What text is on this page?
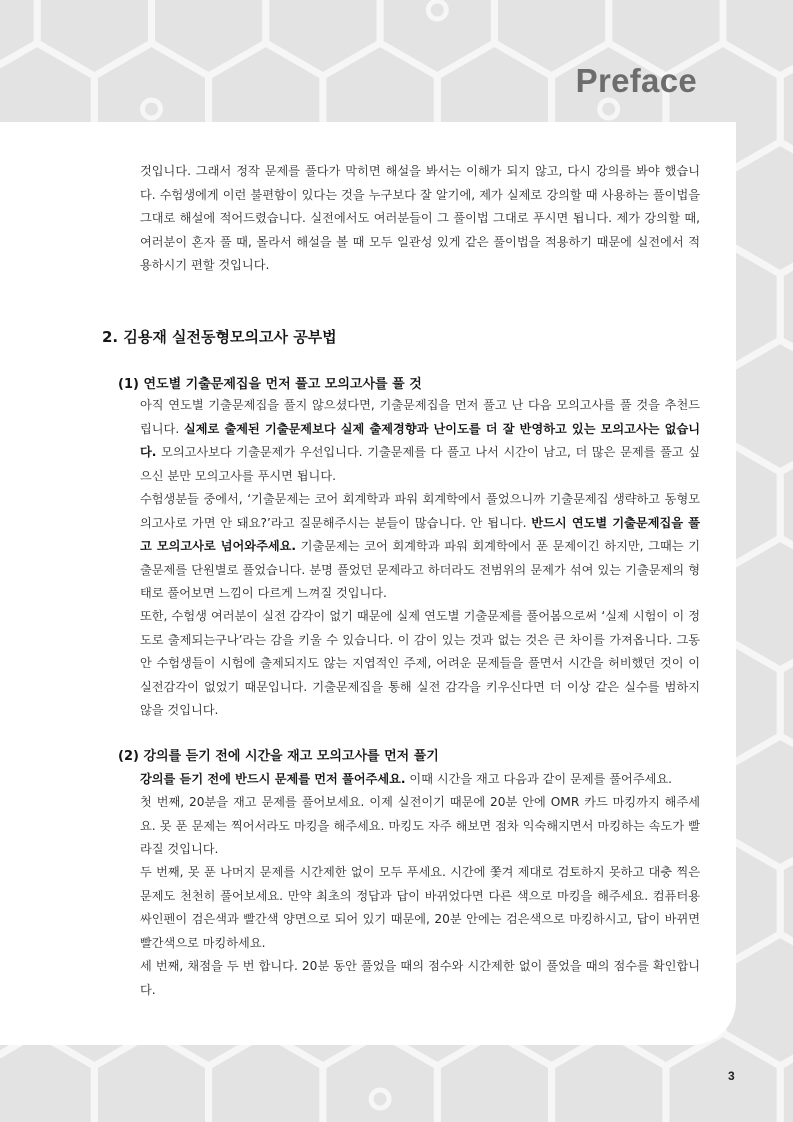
Preface

것입니다. 그래서 정작 문제를 풀다가 막히면 해설을 봐서는 이해가 되지 않고, 다시 강의를 봐야 했습니다. 수험생에게 이런 불편함이 있다는 것을 누구보다 잘 알기에, 제가 실제로 강의할 때 사용하는 풀이법을 그대로 해설에 적어드렸습니다. 실전에서도 여러분들이 그 풀이법 그대로 푸시면 됩니다. 제가 강의할 때, 여러분이 혼자 풀 때, 몰라서 해설을 볼 때 모두 일관성 있게 같은 풀이법을 적용하기 때문에 실전에서 적용하시기 편할 것입니다.

2. 김용재 실전동형모의고사 공부법
(1) 연도별 기출문제집을 먼저 풀고 모의고사를 풀 것

아직 연도별 기출문제집을 풀지 않으셨다면, 기출문제집을 먼저 풀고 난 다음 모의고사를 풀 것을 추천드립니다. 실제로 출제된 기출문제보다 실제 출제경향과 난이도를 더 잘 반영하고 있는 모의고사는 없습니다. 모의고사보다 기출문제가 우선입니다. 기출문제를 다 풀고 나서 시간이 남고, 더 많은 문제를 풀고 싶으신 분만 모의고사를 푸시면 됩니다.

수험생분들 중에서, ‘기출문제는 코어 회계학과 파워 회계학에서 풀었으니까 기출문제집 생략하고 동형모의고사로 가면 안 돼요?’라고 질문해주시는 분들이 많습니다. 안 됩니다. 반드시 연도별 기출문제집을 풀고 모의고사로 넘어와주세요. 기출문제는 코어 회계학과 파워 회계학에서 푼 문제이긴 하지만, 그때는 기출문제를 단원별로 풀었습니다. 분명 풀었던 문제라고 하더라도 전범위의 문제가 섞여 있는 기출문제의 형태로 풀어보면 느낌이 다르게 느껴질 것입니다.

또한, 수험생 여러분이 실전 감각이 없기 때문에 실제 연도별 기출문제를 풀어봄으로써 ‘실제 시험이 이 정도로 출제되는구나’라는 감을 키울 수 있습니다. 이 감이 있는 것과 없는 것은 큰 차이를 가져옵니다. 그동안 수험생들이 시험에 출제되지도 않는 지엽적인 주제, 어려운 문제들을 풀면서 시간을 허비했던 것이 이 실전감각이 없었기 때문입니다. 기출문제집을 통해 실전 감각을 키우신다면 더 이상 같은 실수를 범하지 않을 것입니다.

(2) 강의를 듣기 전에 시간을 재고 모의고사를 먼저 풀기

강의를 듣기 전에 반드시 문제를 먼저 풀어주세요. 이때 시간을 재고 다음과 같이 문제를 풀어주세요.

첫 번째, 20분을 재고 문제를 풀어보세요. 이제 실전이기 때문에 20분 안에 OMR 카드 마킹까지 해주세요. 못 푼 문제는 찍어서라도 마킹을 해주세요. 마킹도 자주 해보면 점차 익숙해지면서 마킹하는 속도가 빨라질 것입니다.

두 번째, 못 푼 나머지 문제를 시간제한 없이 모두 푸세요. 시간에 쫓겨 제대로 검토하지 못하고 대충 찍은 문제도 천천히 풀어보세요. 만약 최초의 정답과 답이 바뀌었다면 다른 색으로 마킹을 해주세요. 컴퓨터용 싸인펜이 검은색과 빨간색 양면으로 되어 있기 때문에, 20분 안에는 검은색으로 마킹하시고, 답이 바뀌면 빨간색으로 마킹하세요.

세 번째, 채점을 두 번 합니다. 20분 동안 풀었을 때의 점수와 시간제한 없이 풀었을 때의 점수를 확인합니다.

3
